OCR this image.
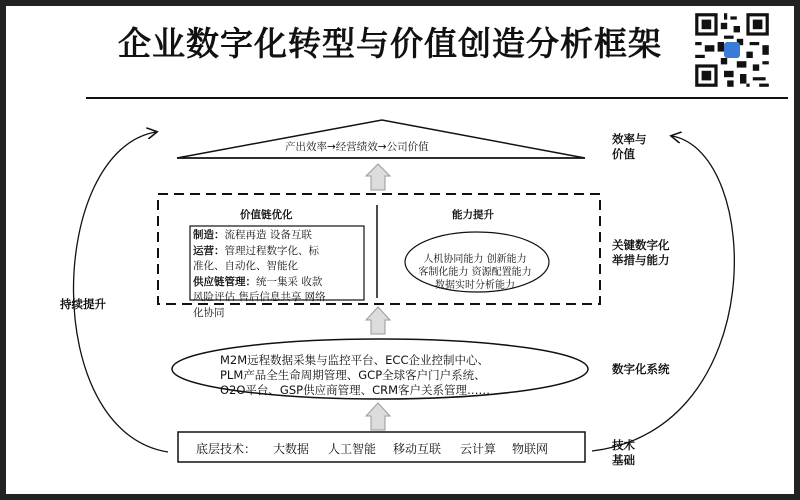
企业数字化转型与价值创造分析框架
产出效率→经营绩效→公司价值
价值链优化	能力提升
制造：流程再造 设备互联
运营：管理过程数字化、标
准化、自动化、智能化
供应链管理：统一集采 收款
风险评估 售后信息共享 网络
化协同
人机协同能力 创新能力
客制化能力 资源配置能力
数据实时分析能力
M2M远程数据采集与监控平台、ECC企业控制中心、
PLM产品全生命周期管理、GCP全球客户门户系统、
O2O平台、GSP供应商管理、CRM客户关系管理……
底层技术： 大数据 人工智能 移动互联 云计算 物联网
效率与
价值
关键数字化
举措与能力
数字化系统
技术
基础
持续提升
